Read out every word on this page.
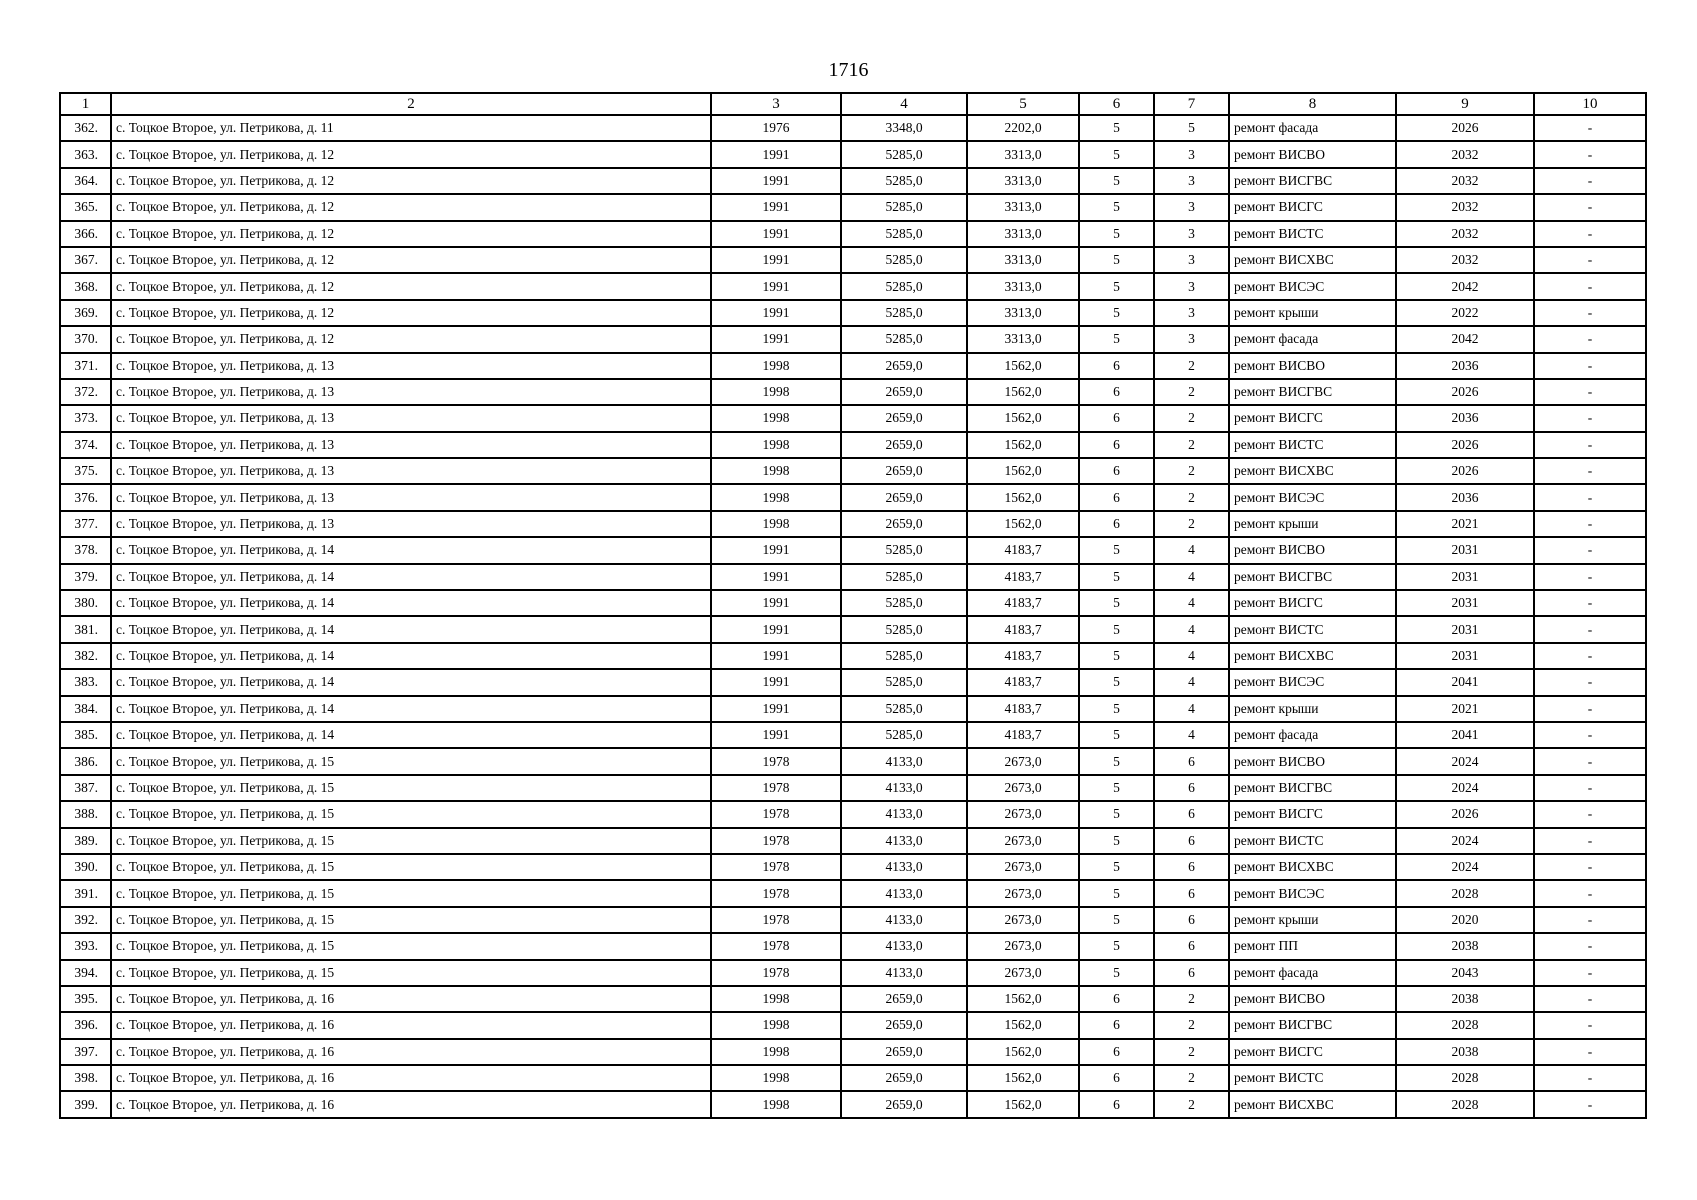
1716
1	2	3	4	5	6	7	8	9	10
362.	с. Тоцкое Второе, ул. Петрикова, д. 11	1976	3348,0	2202,0	5	5	ремонт фасада	2026	-
363.	с. Тоцкое Второе, ул. Петрикова, д. 12	1991	5285,0	3313,0	5	3	ремонт ВИСВО	2032	-
364.	с. Тоцкое Второе, ул. Петрикова, д. 12	1991	5285,0	3313,0	5	3	ремонт ВИСГВС	2032	-
365.	с. Тоцкое Второе, ул. Петрикова, д. 12	1991	5285,0	3313,0	5	3	ремонт ВИСГС	2032	-
366.	с. Тоцкое Второе, ул. Петрикова, д. 12	1991	5285,0	3313,0	5	3	ремонт ВИСТС	2032	-
367.	с. Тоцкое Второе, ул. Петрикова, д. 12	1991	5285,0	3313,0	5	3	ремонт ВИСХВС	2032	-
368.	с. Тоцкое Второе, ул. Петрикова, д. 12	1991	5285,0	3313,0	5	3	ремонт ВИСЭС	2042	-
369.	с. Тоцкое Второе, ул. Петрикова, д. 12	1991	5285,0	3313,0	5	3	ремонт крыши	2022	-
370.	с. Тоцкое Второе, ул. Петрикова, д. 12	1991	5285,0	3313,0	5	3	ремонт фасада	2042	-
371.	с. Тоцкое Второе, ул. Петрикова, д. 13	1998	2659,0	1562,0	6	2	ремонт ВИСВО	2036	-
372.	с. Тоцкое Второе, ул. Петрикова, д. 13	1998	2659,0	1562,0	6	2	ремонт ВИСГВС	2026	-
373.	с. Тоцкое Второе, ул. Петрикова, д. 13	1998	2659,0	1562,0	6	2	ремонт ВИСГС	2036	-
374.	с. Тоцкое Второе, ул. Петрикова, д. 13	1998	2659,0	1562,0	6	2	ремонт ВИСТС	2026	-
375.	с. Тоцкое Второе, ул. Петрикова, д. 13	1998	2659,0	1562,0	6	2	ремонт ВИСХВС	2026	-
376.	с. Тоцкое Второе, ул. Петрикова, д. 13	1998	2659,0	1562,0	6	2	ремонт ВИСЭС	2036	-
377.	с. Тоцкое Второе, ул. Петрикова, д. 13	1998	2659,0	1562,0	6	2	ремонт крыши	2021	-
378.	с. Тоцкое Второе, ул. Петрикова, д. 14	1991	5285,0	4183,7	5	4	ремонт ВИСВО	2031	-
379.	с. Тоцкое Второе, ул. Петрикова, д. 14	1991	5285,0	4183,7	5	4	ремонт ВИСГВС	2031	-
380.	с. Тоцкое Второе, ул. Петрикова, д. 14	1991	5285,0	4183,7	5	4	ремонт ВИСГС	2031	-
381.	с. Тоцкое Второе, ул. Петрикова, д. 14	1991	5285,0	4183,7	5	4	ремонт ВИСТС	2031	-
382.	с. Тоцкое Второе, ул. Петрикова, д. 14	1991	5285,0	4183,7	5	4	ремонт ВИСХВС	2031	-
383.	с. Тоцкое Второе, ул. Петрикова, д. 14	1991	5285,0	4183,7	5	4	ремонт ВИСЭС	2041	-
384.	с. Тоцкое Второе, ул. Петрикова, д. 14	1991	5285,0	4183,7	5	4	ремонт крыши	2021	-
385.	с. Тоцкое Второе, ул. Петрикова, д. 14	1991	5285,0	4183,7	5	4	ремонт фасада	2041	-
386.	с. Тоцкое Второе, ул. Петрикова, д. 15	1978	4133,0	2673,0	5	6	ремонт ВИСВО	2024	-
387.	с. Тоцкое Второе, ул. Петрикова, д. 15	1978	4133,0	2673,0	5	6	ремонт ВИСГВС	2024	-
388.	с. Тоцкое Второе, ул. Петрикова, д. 15	1978	4133,0	2673,0	5	6	ремонт ВИСГС	2026	-
389.	с. Тоцкое Второе, ул. Петрикова, д. 15	1978	4133,0	2673,0	5	6	ремонт ВИСТС	2024	-
390.	с. Тоцкое Второе, ул. Петрикова, д. 15	1978	4133,0	2673,0	5	6	ремонт ВИСХВС	2024	-
391.	с. Тоцкое Второе, ул. Петрикова, д. 15	1978	4133,0	2673,0	5	6	ремонт ВИСЭС	2028	-
392.	с. Тоцкое Второе, ул. Петрикова, д. 15	1978	4133,0	2673,0	5	6	ремонт крыши	2020	-
393.	с. Тоцкое Второе, ул. Петрикова, д. 15	1978	4133,0	2673,0	5	6	ремонт ПП	2038	-
394.	с. Тоцкое Второе, ул. Петрикова, д. 15	1978	4133,0	2673,0	5	6	ремонт фасада	2043	-
395.	с. Тоцкое Второе, ул. Петрикова, д. 16	1998	2659,0	1562,0	6	2	ремонт ВИСВО	2038	-
396.	с. Тоцкое Второе, ул. Петрикова, д. 16	1998	2659,0	1562,0	6	2	ремонт ВИСГВС	2028	-
397.	с. Тоцкое Второе, ул. Петрикова, д. 16	1998	2659,0	1562,0	6	2	ремонт ВИСГС	2038	-
398.	с. Тоцкое Второе, ул. Петрикова, д. 16	1998	2659,0	1562,0	6	2	ремонт ВИСТС	2028	-
399.	с. Тоцкое Второе, ул. Петрикова, д. 16	1998	2659,0	1562,0	6	2	ремонт ВИСХВС	2028	-
